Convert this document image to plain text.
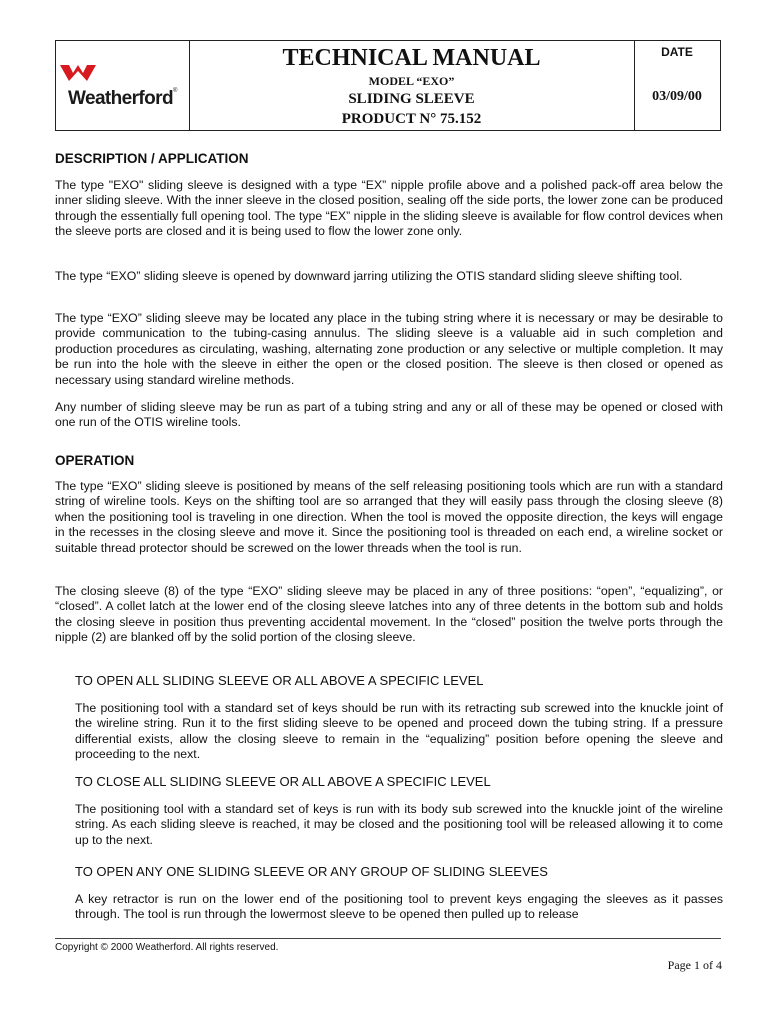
Weatherford®
TECHNICAL MANUAL
MODEL “EXO”
SLIDING SLEEVE
PRODUCT N° 75.152
DATE
03/09/00
DESCRIPTION / APPLICATION

The type "EXO" sliding sleeve is designed with a type “EX” nipple profile above and a polished pack-off area below the inner sliding sleeve. With the inner sleeve in the closed position, sealing off the side ports, the lower zone can be produced through the essentially full opening tool. The type “EX” nipple in the sliding sleeve is available for flow control devices when the sleeve ports are closed and it is being used to flow the lower zone only.

The type “EXO” sliding sleeve is opened by downward jarring utilizing the OTIS standard sliding sleeve shifting tool.

The type “EXO” sliding sleeve may be located any place in the tubing string where it is necessary or may be desirable to provide communication to the tubing-casing annulus. The sliding sleeve is a valuable aid in such completion and production procedures as circulating, washing, alternating zone production or any selective or multiple completion. It may be run into the hole with the sleeve in either the open or the closed position. The sleeve is then closed or opened as necessary using standard wireline methods.

Any number of sliding sleeve may be run as part of a tubing string and any or all of these may be opened or closed with one run of the OTIS wireline tools.

OPERATION

The type “EXO” sliding sleeve is positioned by means of the self releasing positioning tools which are run with a standard string of wireline tools. Keys on the shifting tool are so arranged that they will easily pass through the closing sleeve (8) when the positioning tool is traveling in one direction. When the tool is moved the opposite direction, the keys will engage in the recesses in the closing sleeve and move it. Since the positioning tool is threaded on each end, a wireline socket or suitable thread protector should be screwed on the lower threads when the tool is run.

The closing sleeve (8) of the type “EXO” sliding sleeve may be placed in any of three positions: “open”, “equalizing”, or “closed”. A collet latch at the lower end of the closing sleeve latches into any of three detents in the bottom sub and holds the closing sleeve in position thus preventing accidental movement. In the “closed” position the twelve ports through the nipple (2) are blanked off by the solid portion of the closing sleeve.

TO OPEN ALL SLIDING SLEEVE OR ALL ABOVE A SPECIFIC LEVEL

The positioning tool with a standard set of keys should be run with its retracting sub screwed into the knuckle joint of the wireline string. Run it to the first sliding sleeve to be opened and proceed down the tubing string. If a pressure differential exists, allow the closing sleeve to remain in the “equalizing” position before opening the sleeve and proceeding to the next.

TO CLOSE ALL SLIDING SLEEVE OR ALL ABOVE A SPECIFIC LEVEL

The positioning tool with a standard set of keys is run with its body sub screwed into the knuckle joint of the wireline string. As each sliding sleeve is reached, it may be closed and the positioning tool will be released allowing it to come up to the next.

TO OPEN ANY ONE SLIDING SLEEVE OR ANY GROUP OF SLIDING SLEEVES

A key retractor is run on the lower end of the positioning tool to prevent keys engaging the sleeves as it passes through. The tool is run through the lowermost sleeve to be opened then pulled up to release

Copyright © 2000 Weatherford. All rights reserved.
Page 1 of 4
